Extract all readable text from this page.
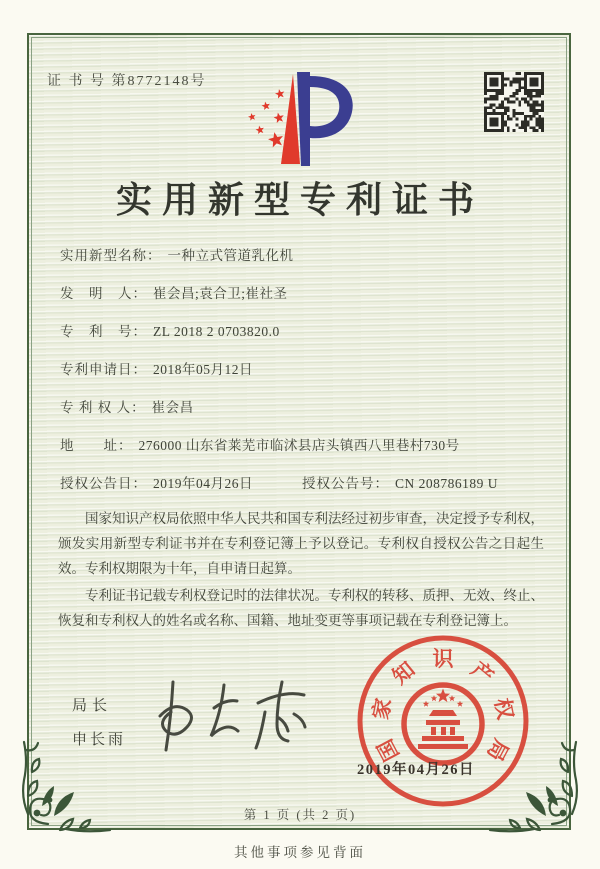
证 书 号 第8772148号
实用新型专利证书
实用新型名称： 一种立式管道乳化机
发　明　人： 崔会昌;袁合卫;崔社圣
专　利　号： ZL 2018 2 0703820.0
专利申请日： 2018年05月12日
专 利 权 人： 崔会昌
地　　址： 276000 山东省莱芜市临沭县店头镇西八里巷村730号
授权公告日： 2019年04月26日	授权公告号： CN 208786189 U

国家知识产权局依照中华人民共和国专利法经过初步审查，决定授予专利权，颁发实用新型专利证书并在专利登记簿上予以登记。专利权自授权公告之日起生效。专利权期限为十年，自申请日起算。

专利证书记载专利权登记时的法律状况。专利权的转移、质押、无效、终止、恢复和专利权人的姓名或名称、国籍、地址变更等事项记载在专利登记簿上。

局长
申长雨	国
家
知 识 产
权
局
2019年04月26日
第 1 页 (共 2 页)
其他事项参见背面
